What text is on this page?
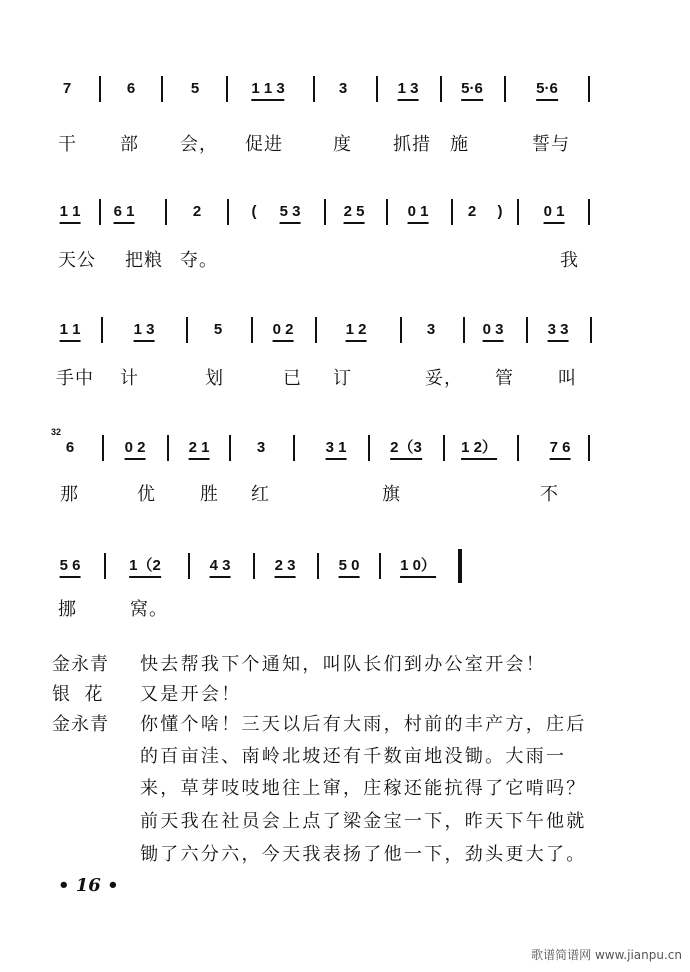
7	6	5	1 1 3	3	1 3	5·6	5·6
干 部 会， 促进	度 抓措 施	誓与
1 1 6 1	2	( 5 3	2 5	0 1	2 )	0 1
天公 把粮 夺。	我
1 1	1 3	5	0 2	1 2	3	0 3	3 3
手中 计	划	已 订	妥， 管 叫
6	0 2	2 1	3	3 1	2（3	1 2）	7 6
32
那	优 胜 红	旗	不
5 6	1（2	4 3	2 3	5 0	1 0）
挪	窝。
金永青 快去帮我下个通知，叫队长们到办公室开会！
银  花 又是开会！
金永青 你懂个啥！三天以后有大雨，村前的丰产方，庄后
的百亩洼、南岭北坡还有千数亩地没锄。大雨一
来，草芽吱吱地往上窜，庄稼还能抗得了它啃吗？
前天我在社员会上点了梁金宝一下，昨天下午他就
锄了六分六，今天我表扬了他一下，劲头更大了。
• 16 •
歌谱简谱网 www.jianpu.cn
